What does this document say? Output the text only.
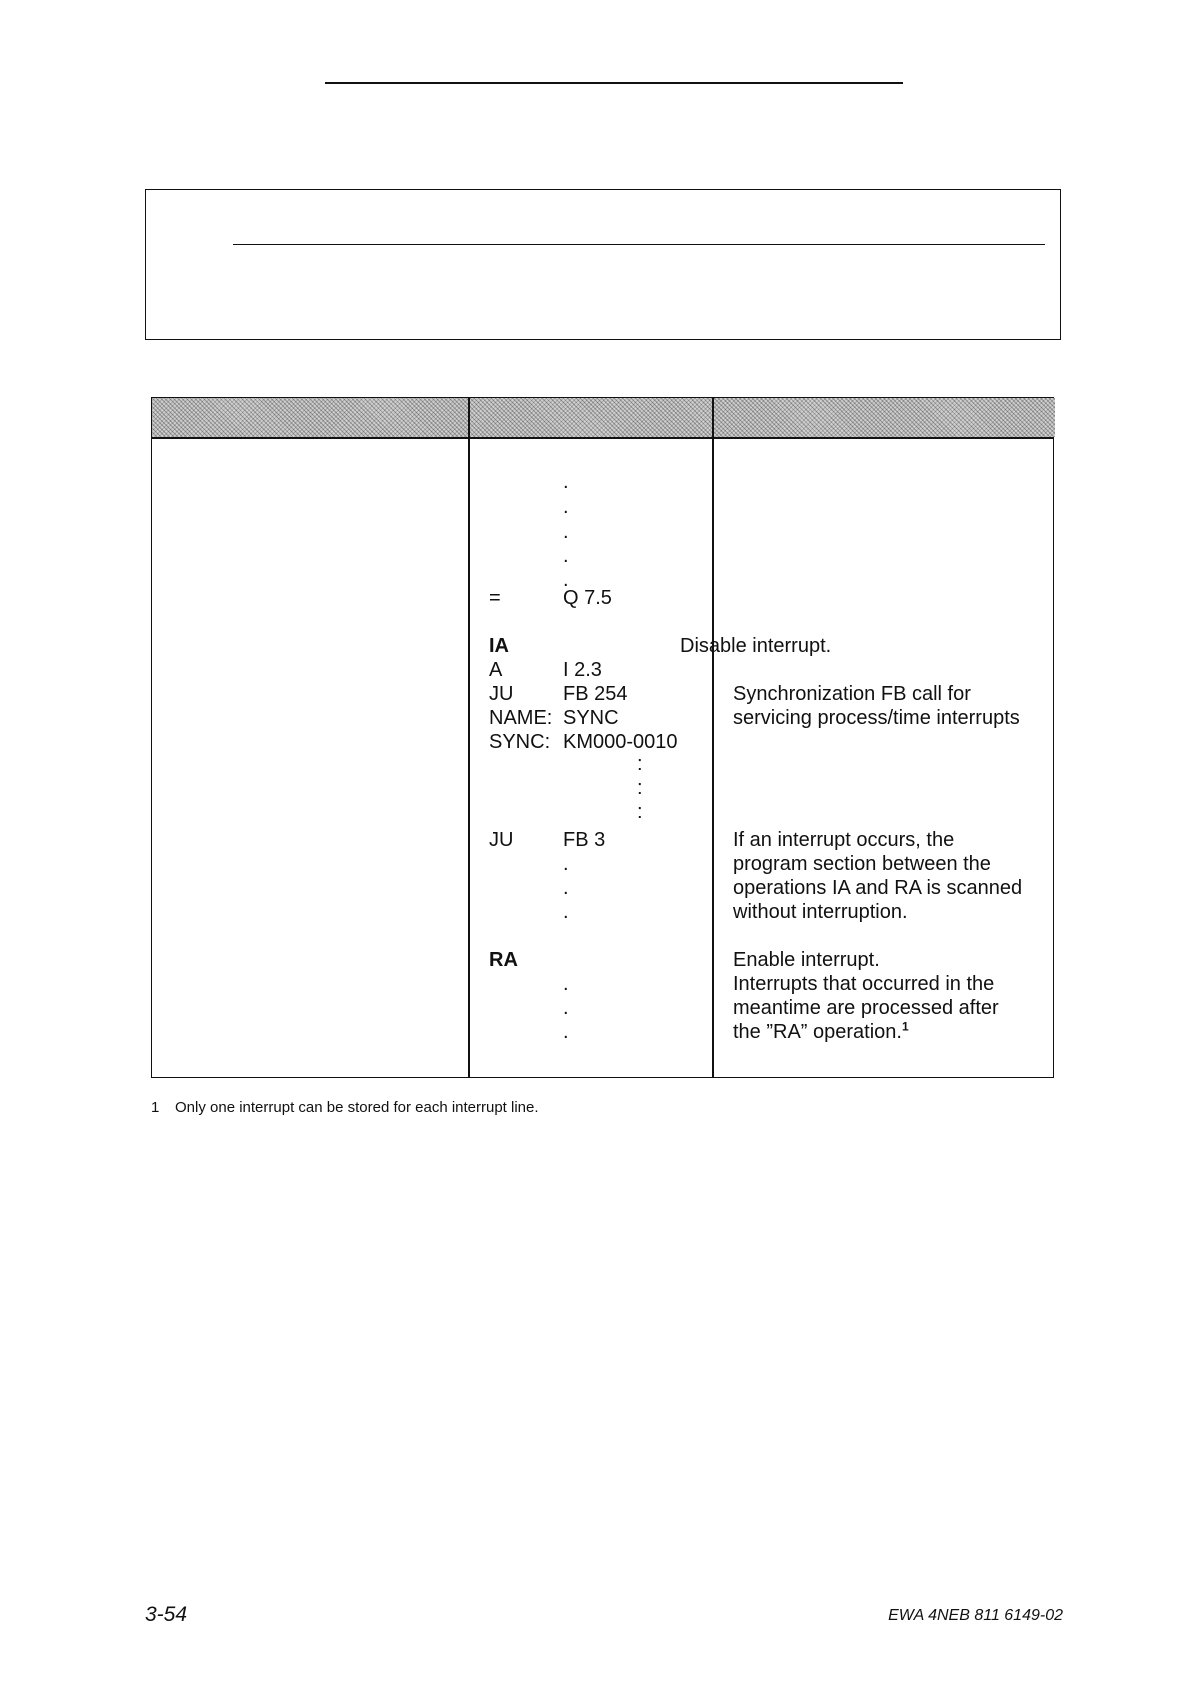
.
.
.
.
.
=	Q 7.5
IA	Disable interrupt.
A	I 2.3
JU FB 254	Synchronization FB call for
NAME: SYNC	servicing process/time interrupts
SYNC: KM000-0010
:
:
:
JU FB 3	If an interrupt occurs, the
.	program section between the
.	operations IA and RA is scanned
.	without interruption.
RA	Enable interrupt.
.	Interrupts that occurred in the
.	meantime are processed after
.	the ”RA” operation.$^1$
1 Only one interrupt can be stored for each interrupt line.
3-54	EWA 4NEB 811 6149-02
